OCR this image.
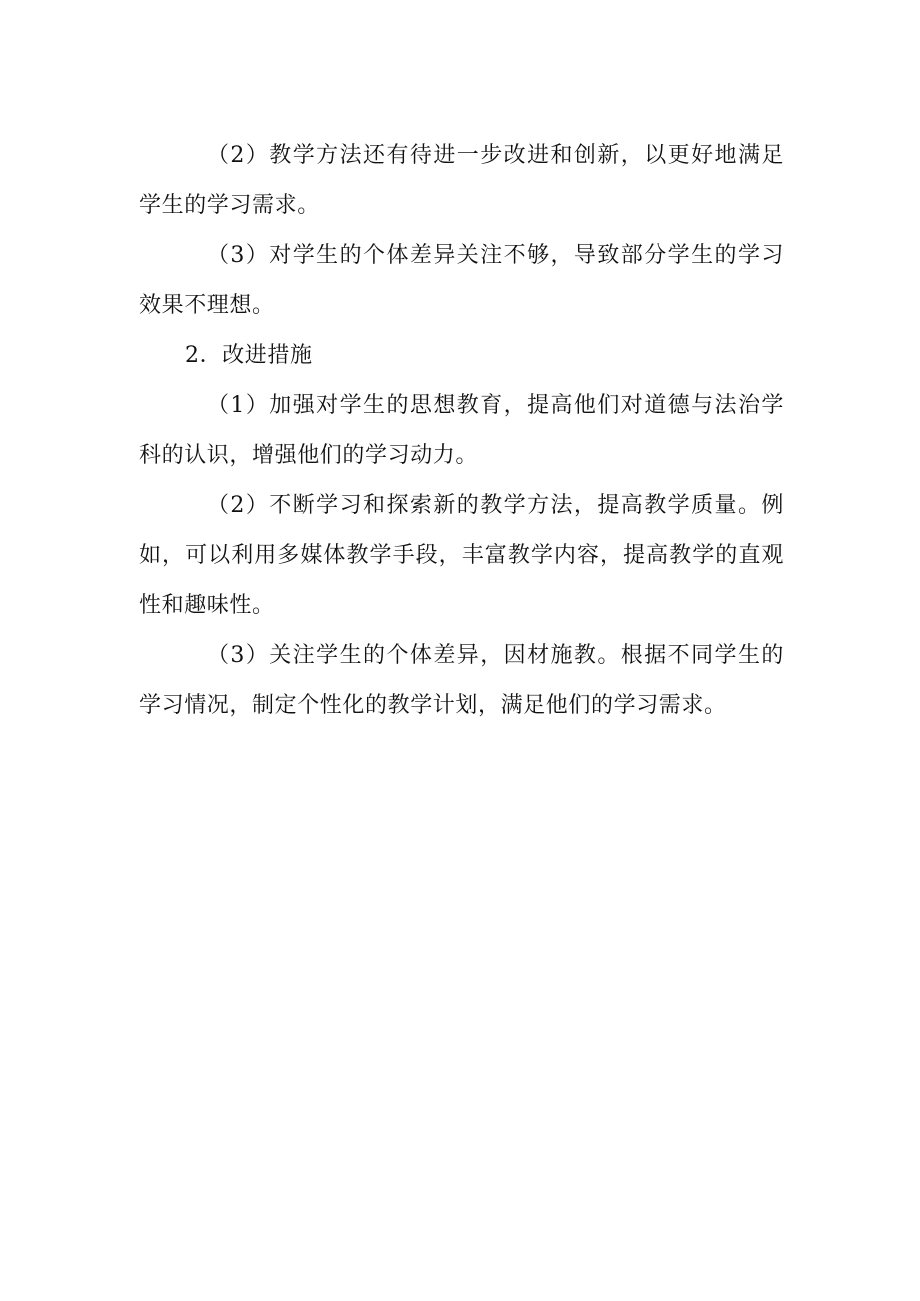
（2）教学方法还有待进一步改进和创新，以更好地满足学生的学习需求。

（3）对学生的个体差异关注不够，导致部分学生的学习效果不理想。

2．改进措施

（1）加强对学生的思想教育，提高他们对道德与法治学科的认识，增强他们的学习动力。

（2）不断学习和探索新的教学方法，提高教学质量。例如，可以利用多媒体教学手段，丰富教学内容，提高教学的直观性和趣味性。

（3）关注学生的个体差异，因材施教。根据不同学生的学习情况，制定个性化的教学计划，满足他们的学习需求。
